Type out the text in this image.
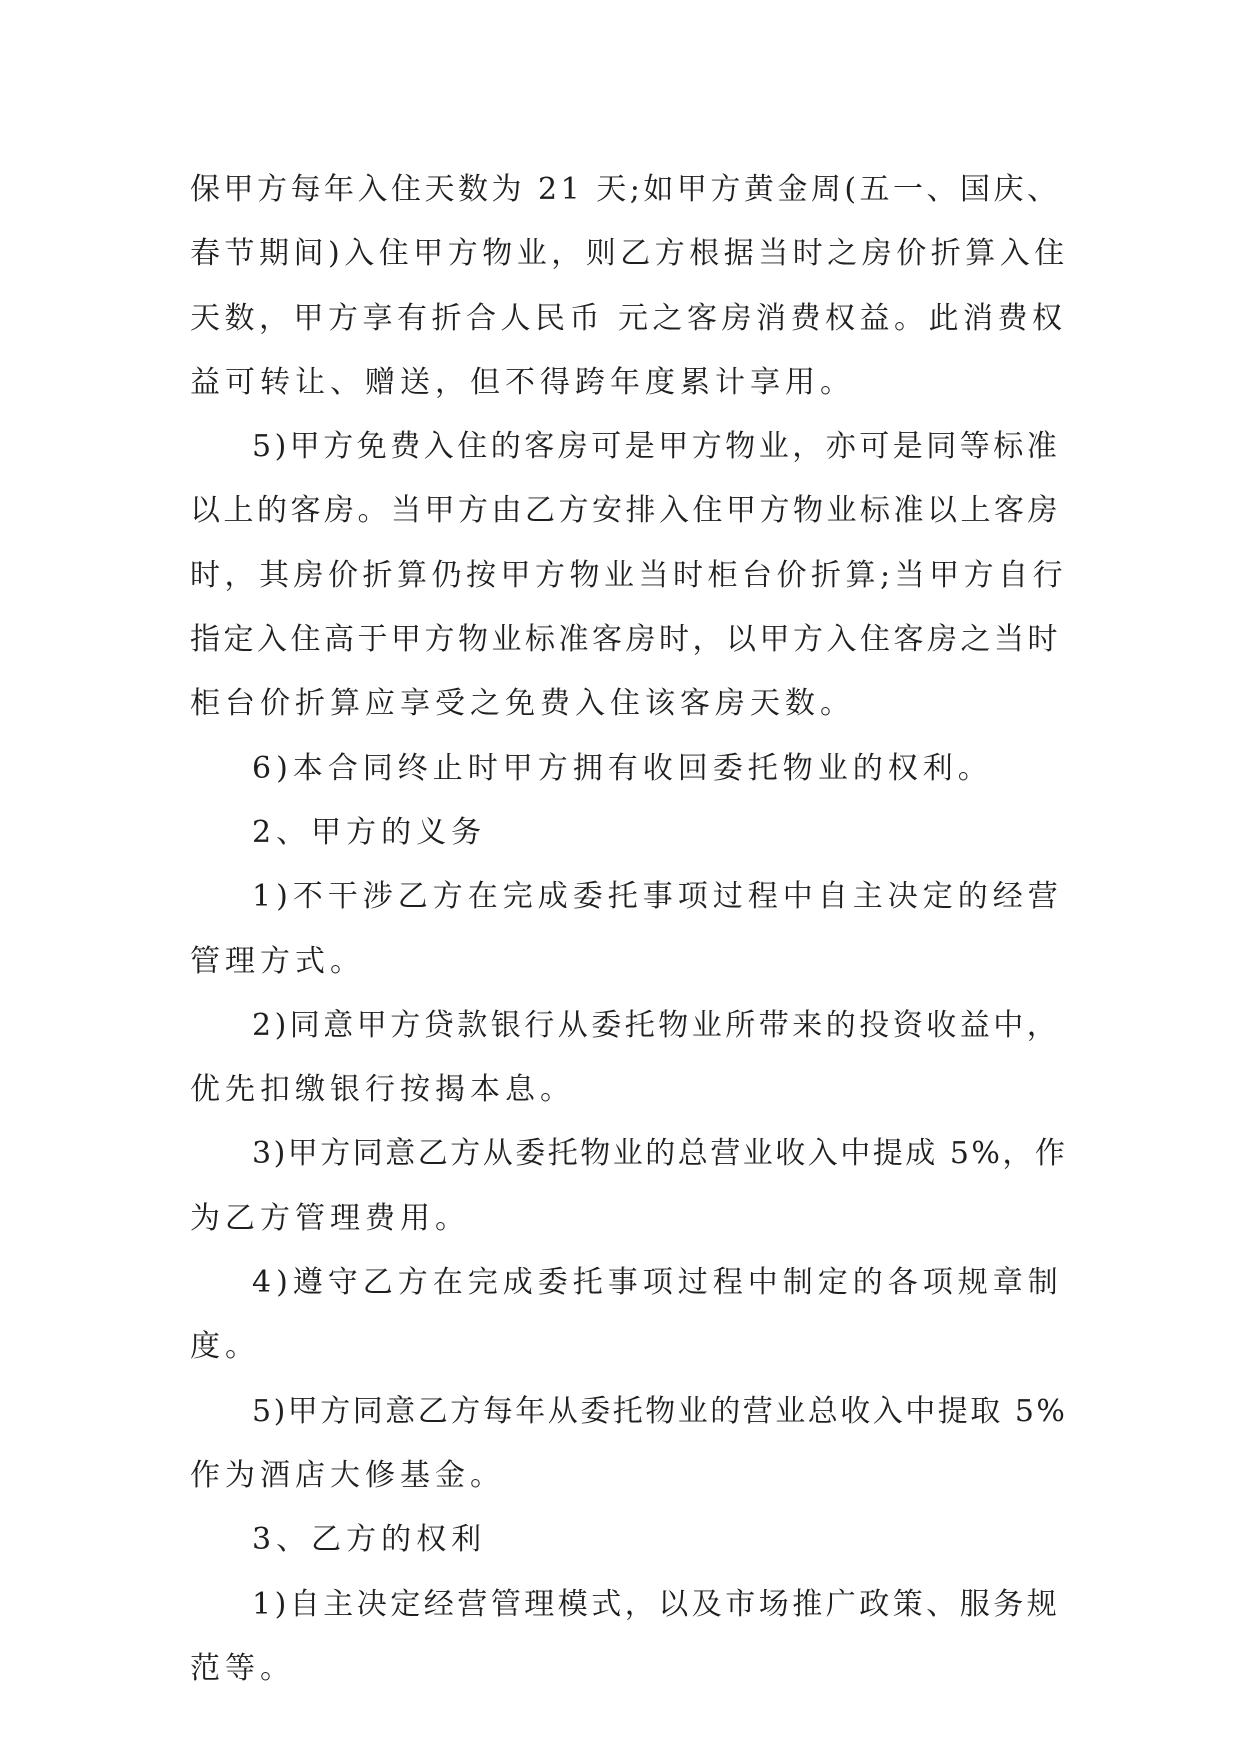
保甲方每年入住天数为 21 天;如甲方黄金周(五一、国庆、
春节期间)入住甲方物业，则乙方根据当时之房价折算入住
天数，甲方享有折合人民币 元之客房消费权益。此消费权
益可转让、赠送，但不得跨年度累计享用。
5)甲方免费入住的客房可是甲方物业，亦可是同等标准
以上的客房。当甲方由乙方安排入住甲方物业标准以上客房
时，其房价折算仍按甲方物业当时柜台价折算;当甲方自行
指定入住高于甲方物业标准客房时，以甲方入住客房之当时
柜台价折算应享受之免费入住该客房天数。
6)本合同终止时甲方拥有收回委托物业的权利。
2、甲方的义务
1)不干涉乙方在完成委托事项过程中自主决定的经营
管理方式。
2)同意甲方贷款银行从委托物业所带来的投资收益中，
优先扣缴银行按揭本息。
3)甲方同意乙方从委托物业的总营业收入中提成 5%，作
为乙方管理费用。
4)遵守乙方在完成委托事项过程中制定的各项规章制
度。
5)甲方同意乙方每年从委托物业的营业总收入中提取 5%
作为酒店大修基金。
3、乙方的权利
1)自主决定经营管理模式，以及市场推广政策、服务规
范等。
